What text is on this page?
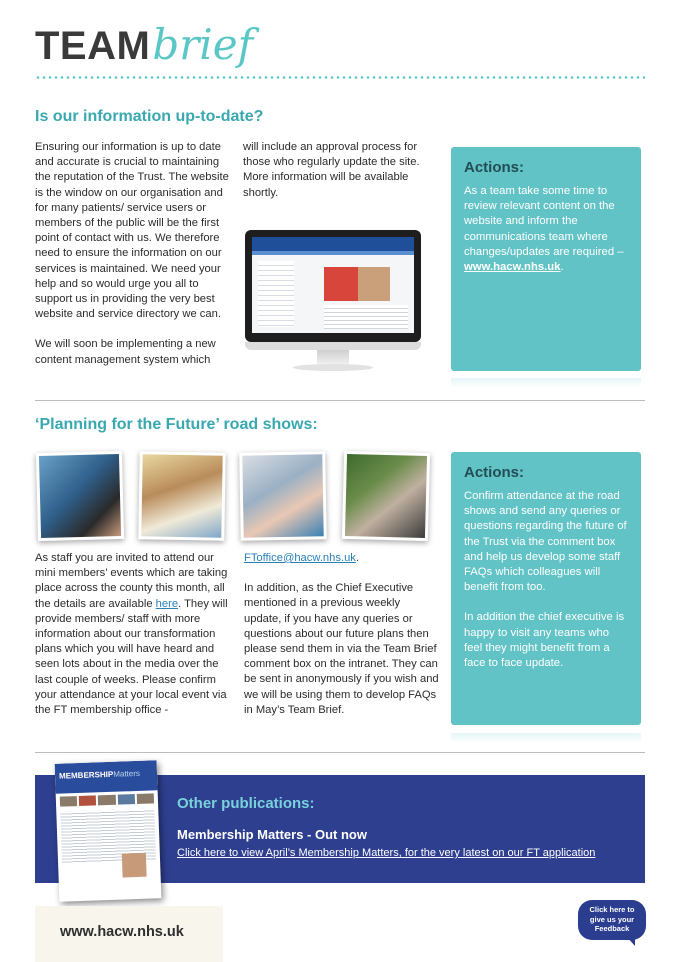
TEAMbrief
Is our information up-to-date?

Ensuring our information is up to date and accurate is crucial to maintaining the reputation of the Trust. The website is the window on our organisation and for many patients/ service users or members of the public will be the first point of contact with us. We therefore need to ensure the information on our services is maintained. We need your help and so would urge you all to support us in providing the very best website and service directory we can.

We will soon be implementing a new content management system which

will include an approval process for those who regularly update the site. More information will be available shortly.

Actions:

As a team take some time to review relevant content on the website and inform the communications team where changes/updates are required – www.hacw.nhs.uk.

‘Planning for the Future’ road shows:

As staff you are invited to attend our mini members’ events which are taking place across the county this month, all the details are available here. They will provide members/ staff with more information about our transformation plans which you will have heard and seen lots about in the media over the last couple of weeks. Please confirm your attendance at your local event via the FT membership office -

FToffice@hacw.nhs.uk.

In addition, as the Chief Executive mentioned in a previous weekly update, if you have any queries or questions about our future plans then please send them in via the Team Brief comment box on the intranet. They can be sent in anonymously if you wish and we will be using them to develop FAQs in May’s Team Brief.

Actions:

Confirm attendance at the road shows and send any queries or questions regarding the future of the Trust via the comment box and help us develop some staff FAQs which colleagues will benefit from too.

In addition the chief executive is happy to visit any teams who feel they might benefit from a face to face update.

Other publications:
Membership Matters - Out now
Click here to view April’s Membership Matters, for the very latest on our FT application
MEMBERSHIPMatters
www.hacw.nhs.uk
Click here to
give us your
Feedback
